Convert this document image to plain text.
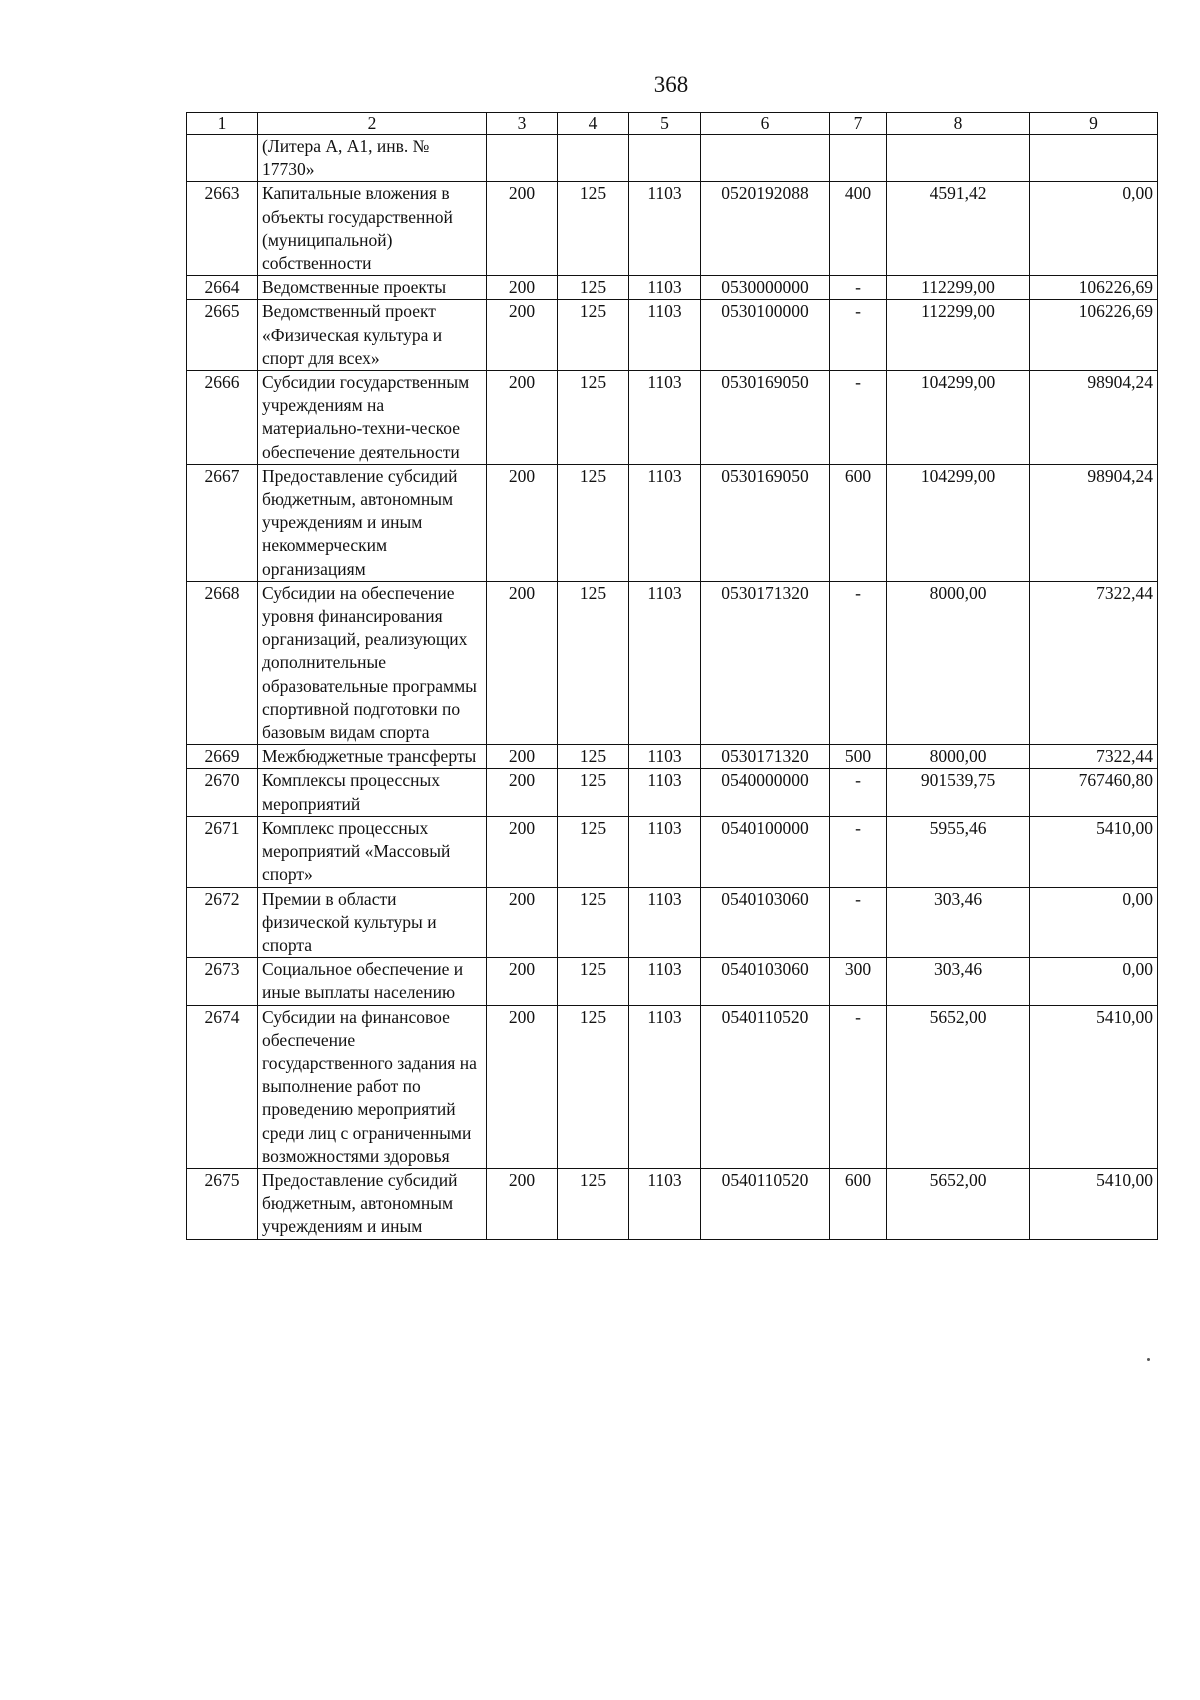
368
1	2	3	4	5	6	7	8	9
	(Литера А, А1, инв. № 17730»							
2663	Капитальные вложения в объекты государственной (муниципальной) собственности	200	125	1103	0520192088	400	4591,42	0,00
2664	Ведомственные проекты	200	125	1103	0530000000	-	112299,00	106226,69
2665	Ведомственный проект «Физическая культура и спорт для всех»	200	125	1103	0530100000	-	112299,00	106226,69
2666	Субсидии государственным учреждениям на материально-техни-ческое обеспечение деятельности	200	125	1103	0530169050	-	104299,00	98904,24
2667	Предоставление субсидий бюджетным, автономным учреждениям и иным некоммерческим организациям	200	125	1103	0530169050	600	104299,00	98904,24
2668	Субсидии на обеспечение уровня финансирования организаций, реализующих дополнительные образовательные программы спортивной подготовки по базовым видам спорта	200	125	1103	0530171320	-	8000,00	7322,44
2669	Межбюджетные трансферты	200	125	1103	0530171320	500	8000,00	7322,44
2670	Комплексы процессных мероприятий	200	125	1103	0540000000	-	901539,75	767460,80
2671	Комплекс процессных мероприятий «Массовый спорт»	200	125	1103	0540100000	-	5955,46	5410,00
2672	Премии в области физической культуры и спорта	200	125	1103	0540103060	-	303,46	0,00
2673	Социальное обеспечение и иные выплаты населению	200	125	1103	0540103060	300	303,46	0,00
2674	Субсидии на финансовое обеспечение государственного задания на выполнение работ по проведению мероприятий среди лиц с ограниченными возможностями здоровья	200	125	1103	0540110520	-	5652,00	5410,00
2675	Предоставление субсидий бюджетным, автономным учреждениям и иным	200	125	1103	0540110520	600	5652,00	5410,00
